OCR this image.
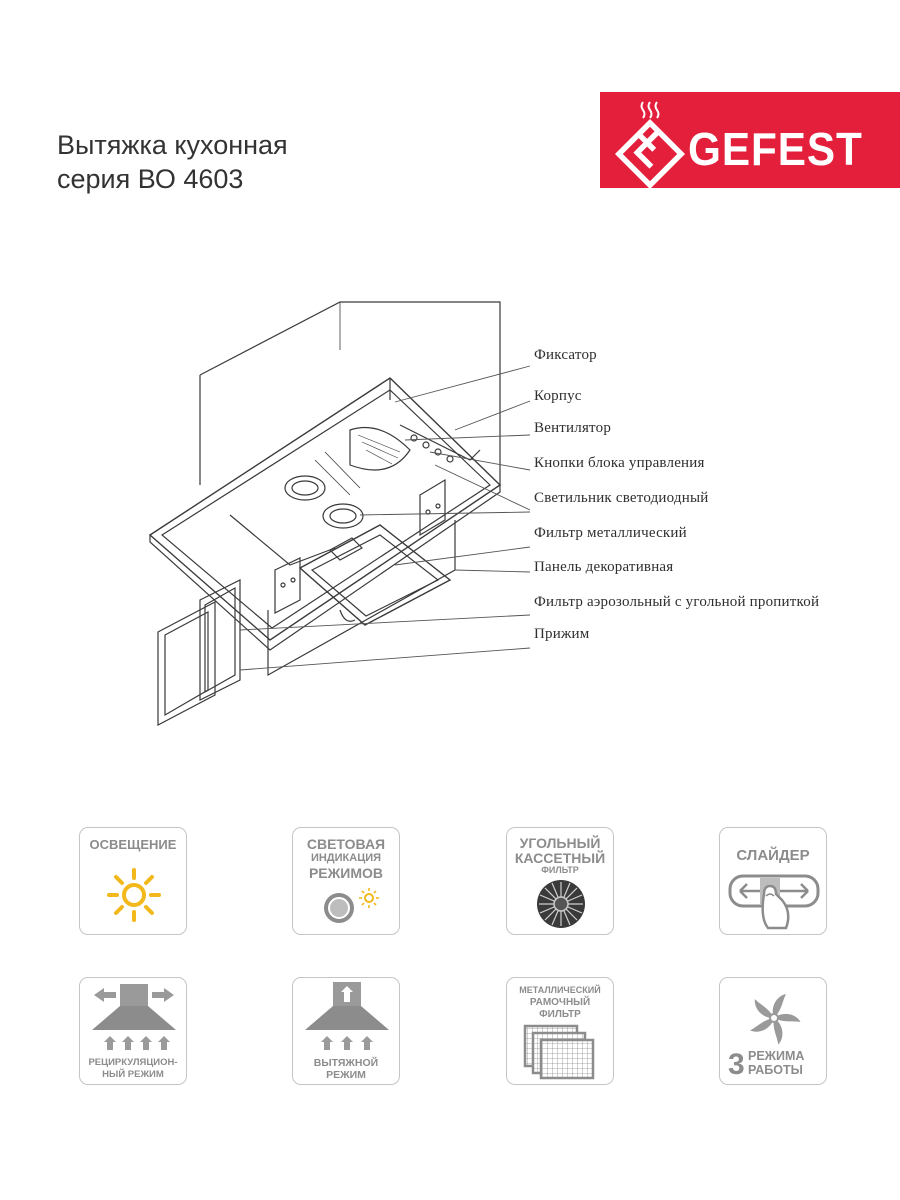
Вытяжка кухонная
серия ВО 4603
GEFEST
Фиксатор
Корпус
Вентилятор
Кнопки блока управления
Светильник светодиодный
Фильтр металлический
Панель декоративная
Фильтр аэрозольный с угольной пропиткой
Прижим
ОСВЕЩЕНИЕ	СВЕТОВАЯ
ИНДИКАЦИЯ
РЕЖИМОВ
УГОЛЬНЫЙ
КАССЕТНЫЙ
ФИЛЬТР
СЛАЙДЕР
РЕЦИРКУЛЯЦИОН-
НЫЙ РЕЖИМ
ВЫТЯЖНОЙ
РЕЖИМ
МЕТАЛЛИЧЕСКИЙ
РАМОЧНЫЙ
ФИЛЬТР
3 РЕЖИМА
РАБОТЫ
